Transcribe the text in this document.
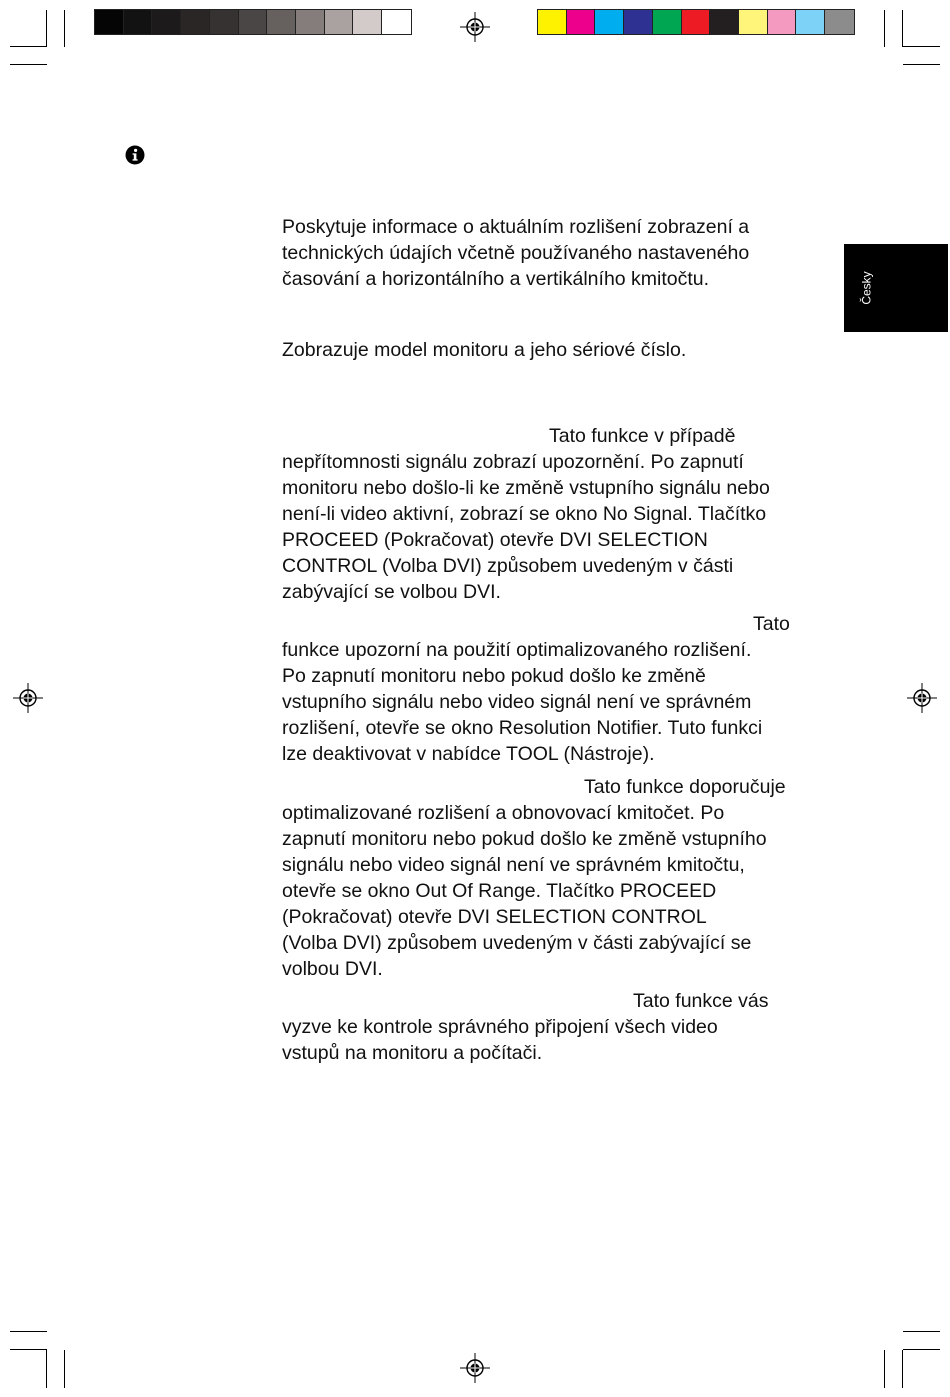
Česky
Poskytuje informace o aktuálním rozlišení zobrazení a
technických údajích včetně používaného nastaveného
časování a horizontálního a vertikálního kmitočtu.
Zobrazuje model monitoru a jeho sériové číslo.
Tato funkce v případě
nepřítomnosti signálu zobrazí upozornění. Po zapnutí
monitoru nebo došlo-li ke změně vstupního signálu nebo
není-li video aktivní, zobrazí se okno No Signal. Tlačítko
PROCEED (Pokračovat) otevře DVI SELECTION
CONTROL (Volba DVI) způsobem uvedeným v části
zabývající se volbou DVI.
Tato
funkce upozorní na použití optimalizovaného rozlišení.
Po zapnutí monitoru nebo pokud došlo ke změně
vstupního signálu nebo video signál není ve správném
rozlišení, otevře se okno Resolution Notifier. Tuto funkci
lze deaktivovat v nabídce TOOL (Nástroje).
Tato funkce doporučuje
optimalizované rozlišení a obnovovací kmitočet. Po
zapnutí monitoru nebo pokud došlo ke změně vstupního
signálu nebo video signál není ve správném kmitočtu,
otevře se okno Out Of Range. Tlačítko PROCEED
(Pokračovat) otevře DVI SELECTION CONTROL
(Volba DVI) způsobem uvedeným v části zabývající se
volbou DVI.
Tato funkce vás
vyzve ke kontrole správného připojení všech video
vstupů na monitoru a počítači.
